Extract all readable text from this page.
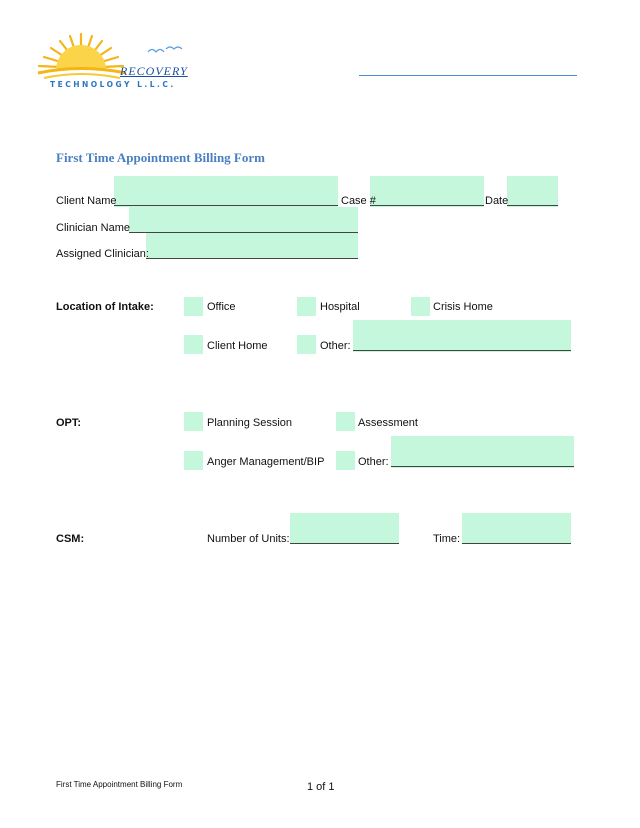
RECOVERY
TECHNOLOGY L.L.C.
First Time Appointment Billing Form
Client Name	Case #	Date
Clinician Name
Assigned Clinician:
Location of Intake:	Office	Hospital	Crisis Home
Client Home	Other:
OPT:	Planning Session	Assessment
Anger Management/BIP	Other:
CSM:	Number of Units:	Time:
First Time Appointment Billing Form	1 of 1
